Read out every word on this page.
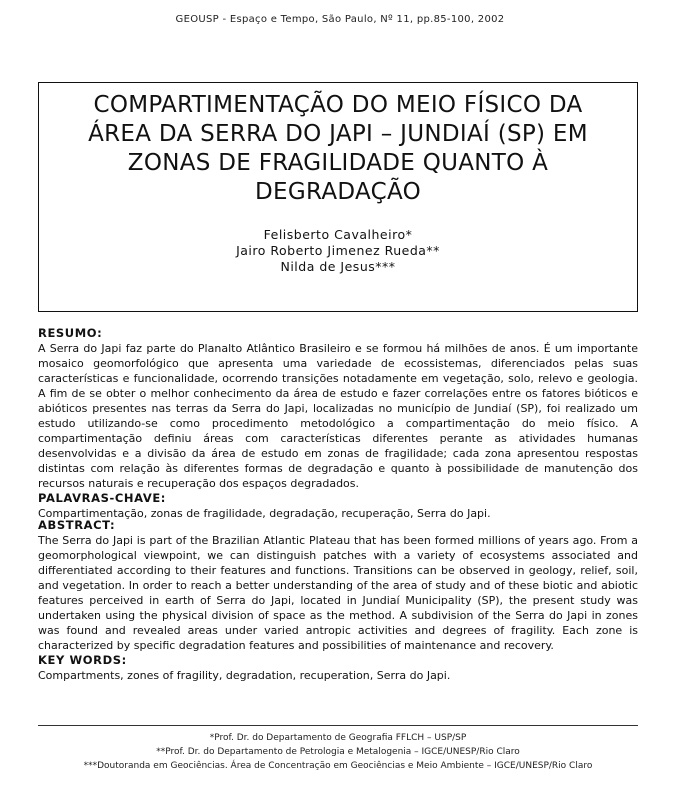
GEOUSP - Espaço e Tempo, São Paulo, Nº 11, pp.85-100, 2002
COMPARTIMENTAÇÃO DO MEIO FÍSICO DA
ÁREA DA SERRA DO JAPI – JUNDIAÍ (SP) EM
ZONAS DE FRAGILIDADE QUANTO À
DEGRADAÇÃO
Felisberto Cavalheiro*
Jairo Roberto Jimenez Rueda**
Nilda de Jesus***
RESUMO:

A Serra do Japi faz parte do Planalto Atlântico Brasileiro e se formou há milhões de anos. É um importante mosaico geomorfológico que apresenta uma variedade de ecossistemas, diferenciados pelas suas características e funcionalidade, ocorrendo transições notadamente em vegetação, solo, relevo e geologia. A fim de se obter o melhor conhecimento da área de estudo e fazer correlações entre os fatores bióticos e abióticos presentes nas terras da Serra do Japi, localizadas no município de Jundiaí (SP), foi realizado um estudo utilizando-se como procedimento metodológico a compartimentação do meio físico. A compartimentação definiu áreas com características diferentes perante as atividades humanas desenvolvidas e a divisão da área de estudo em zonas de fragilidade; cada zona apresentou respostas distintas com relação às diferentes formas de degradação e quanto à possibilidade de manutenção dos recursos naturais e recuperação dos espaços degradados.

PALAVRAS-CHAVE:

Compartimentação, zonas de fragilidade, degradação, recuperação, Serra do Japi.

ABSTRACT:

The Serra do Japi is part of the Brazilian Atlantic Plateau that has been formed millions of years ago. From a geomorphological viewpoint, we can distinguish patches with a variety of ecosystems associated and differentiated according to their features and functions. Transitions can be observed in geology, relief, soil, and vegetation. In order to reach a better understanding of the area of study and of these biotic and abiotic features perceived in earth of Serra do Japi, located in Jundiaí Municipality (SP), the present study was undertaken using the physical division of space as the method. A subdivision of the Serra do Japi in zones was found and revealed areas under varied antropic activities and degrees of fragility. Each zone is characterized by specific degradation features and possibilities of maintenance and recovery.

KEY WORDS:

Compartments, zones of fragility, degradation, recuperation, Serra do Japi.

*Prof. Dr. do Departamento de Geografia FFLCH – USP/SP
**Prof. Dr. do Departamento de Petrologia e Metalogenia – IGCE/UNESP/Rio Claro
***Doutoranda em Geociências. Área de Concentração em Geociências e Meio Ambiente – IGCE/UNESP/Rio Claro
